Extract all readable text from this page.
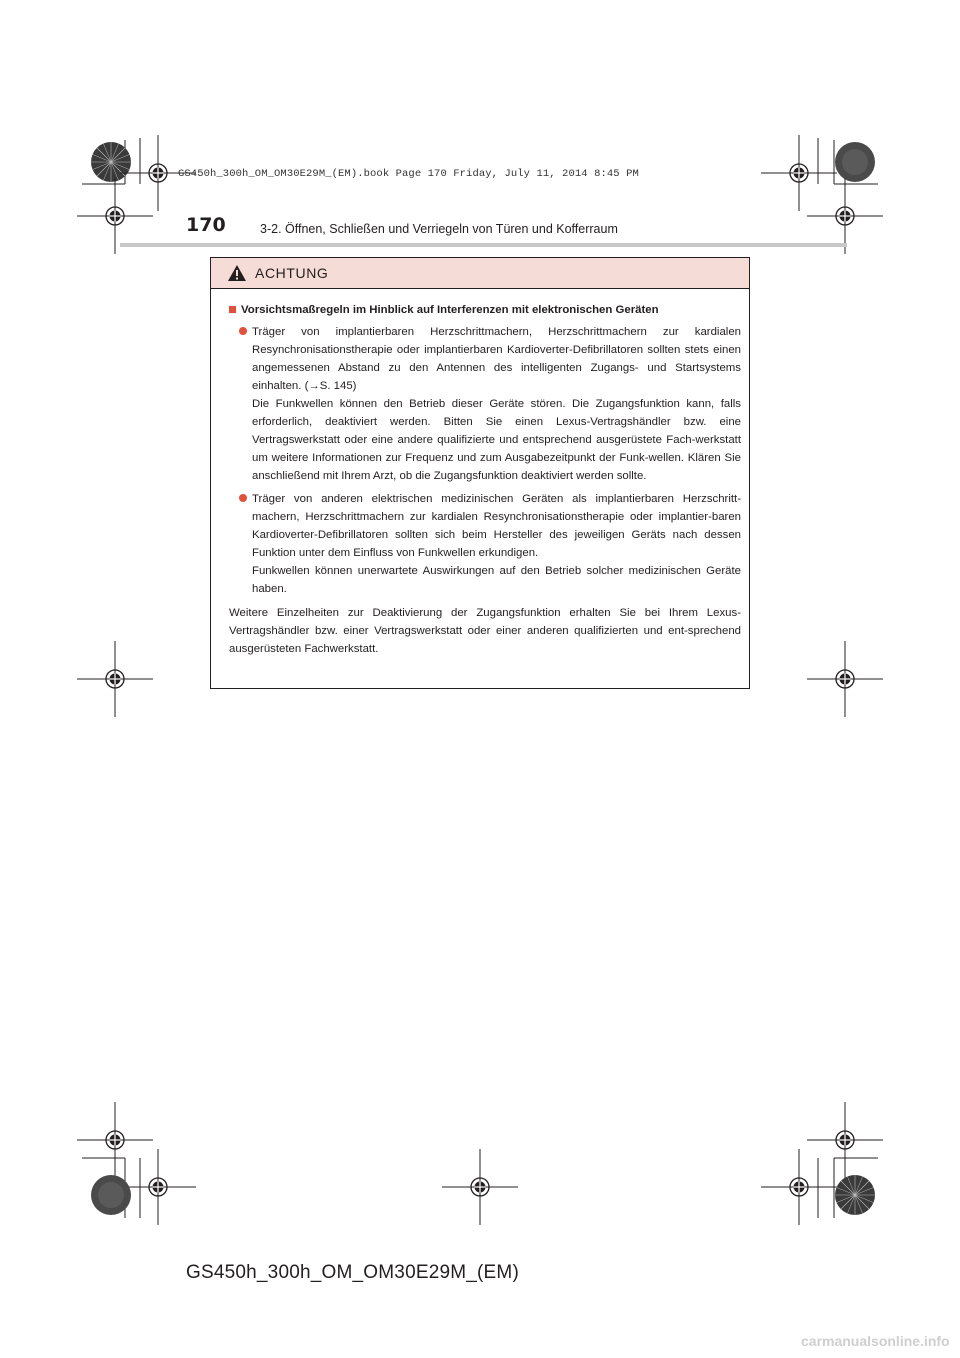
GS450h_300h_OM_OM30E29M_(EM).book Page 170 Friday, July 11, 2014 8:45 PM
170	3-2. Öffnen, Schließen und Verriegeln von Türen und Kofferraum
ACHTUNG
Vorsichtsmaßregeln im Hinblick auf Interferenzen mit elektronischen Geräten

Träger von implantierbaren Herzschrittmachern, Herzschrittmachern zur kardialen Resynchronisationstherapie oder implantierbaren Kardioverter-Defibrillatoren sollten stets einen angemessenen Abstand zu den Antennen des intelligenten Zugangs- und Startsystems einhalten. (→S. 145)

Die Funkwellen können den Betrieb dieser Geräte stören. Die Zugangsfunktion kann, falls erforderlich, deaktiviert werden. Bitten Sie einen Lexus-Vertragshändler bzw. eine Vertragswerkstatt oder eine andere qualifizierte und entsprechend ausgerüstete Fach-werkstatt um weitere Informationen zur Frequenz und zum Ausgabezeitpunkt der Funk-wellen. Klären Sie anschließend mit Ihrem Arzt, ob die Zugangsfunktion deaktiviert werden sollte.

Träger von anderen elektrischen medizinischen Geräten als implantierbaren Herzschritt-machern, Herzschrittmachern zur kardialen Resynchronisationstherapie oder implantier-baren Kardioverter-Defibrillatoren sollten sich beim Hersteller des jeweiligen Geräts nach dessen Funktion unter dem Einfluss von Funkwellen erkundigen.

Funkwellen können unerwartete Auswirkungen auf den Betrieb solcher medizinischen Geräte haben.

Weitere Einzelheiten zur Deaktivierung der Zugangsfunktion erhalten Sie bei Ihrem Lexus-Vertragshändler bzw. einer Vertragswerkstatt oder einer anderen qualifizierten und ent-sprechend ausgerüsteten Fachwerkstatt.

GS450h_300h_OM_OM30E29M_(EM)
carmanualsonline.info
